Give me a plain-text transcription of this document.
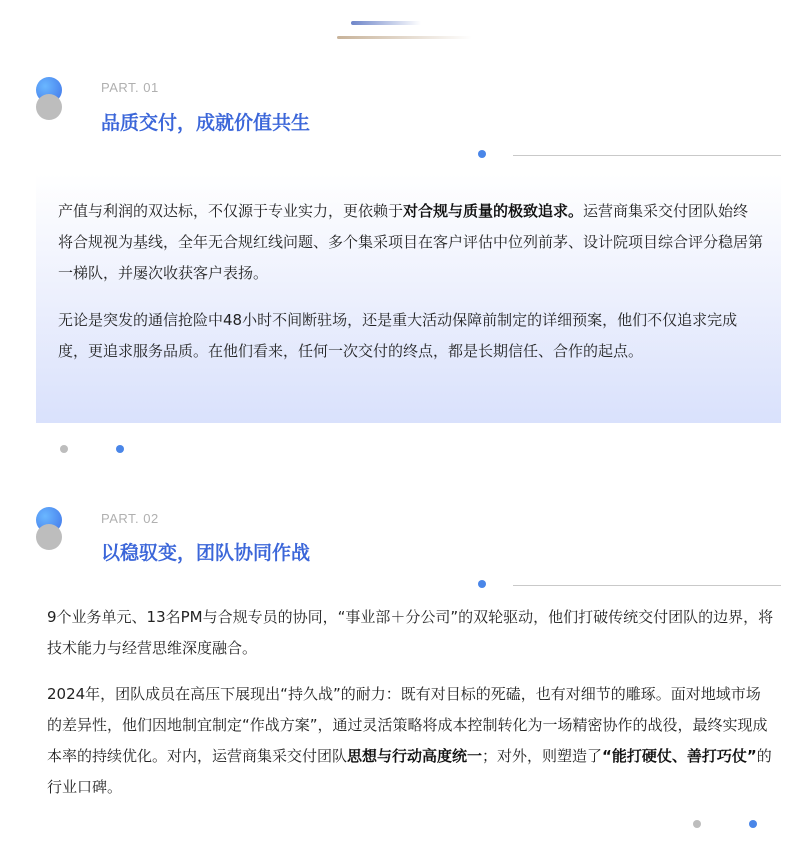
PART. 01
品质交付，成就价值共生

产值与利润的双达标，不仅源于专业实力，更依赖于对合规与质量的极致追求。运营商集采交付团队始终将合规视为基线，全年无合规红线问题、多个集采项目在客户评估中位列前茅、设计院项目综合评分稳居第一梯队，并屡次收获客户表扬。

无论是突发的通信抢险中48小时不间断驻场，还是重大活动保障前制定的详细预案，他们不仅追求完成度，更追求服务品质。在他们看来，任何一次交付的终点，都是长期信任、合作的起点。

PART. 02
以稳驭变，团队协同作战

9个业务单元、13名PM与合规专员的协同，“事业部＋分公司”的双轮驱动，他们打破传统交付团队的边界，将技术能力与经营思维深度融合。

2024年，团队成员在高压下展现出“持久战”的耐力：既有对目标的死磕，也有对细节的雕琢。面对地域市场的差异性，他们因地制宜制定“作战方案”，通过灵活策略将成本控制转化为一场精密协作的战役，最终实现成本率的持续优化。对内，运营商集采交付团队思想与行动高度统一；对外，则塑造了“能打硬仗、善打巧仗”的行业口碑。
